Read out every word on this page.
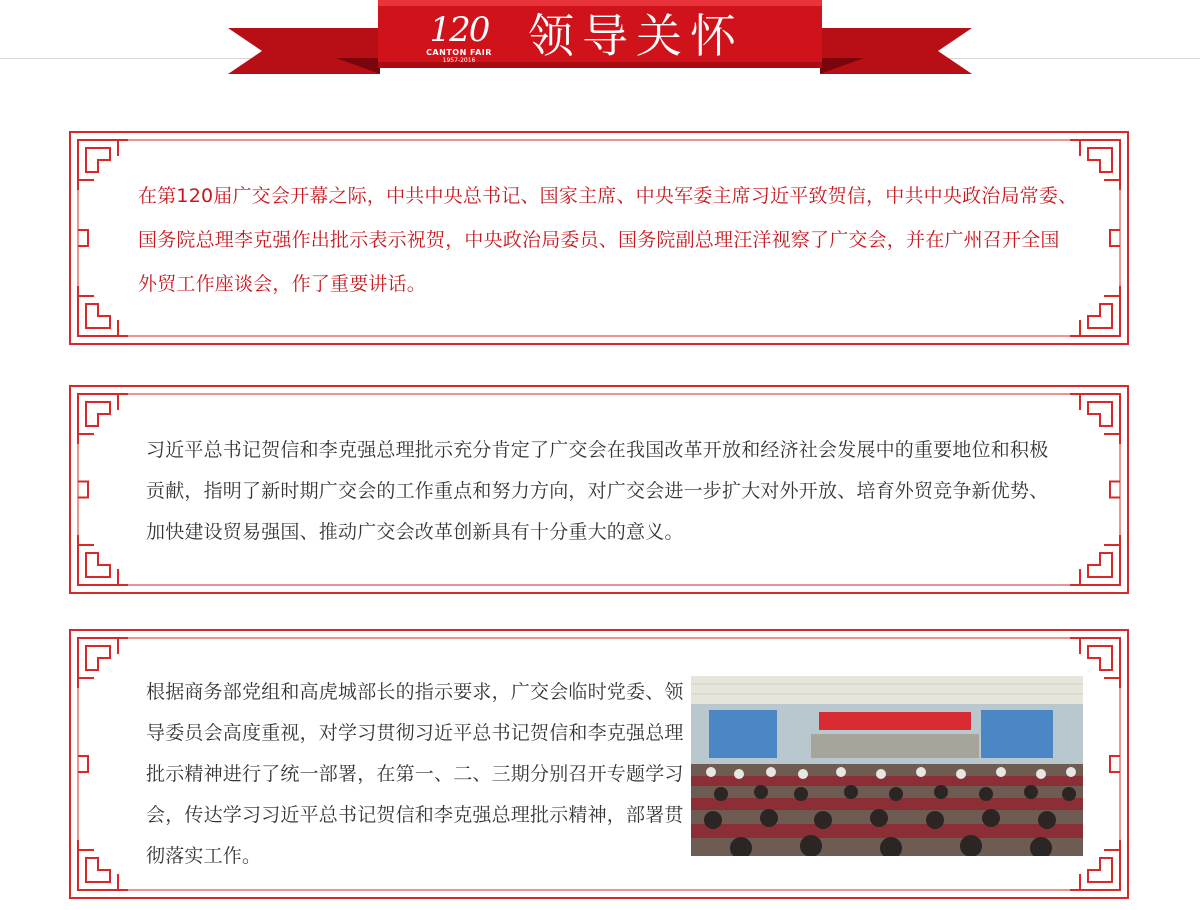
120
CANTON FAIR
1957-2016	领导关怀
在第120届广交会开幕之际，中共中央总书记、国家主席、中央军委主席习近平致贺信，中共中央政治局常委、国务院总理李克强作出批示表示祝贺，中央政治局委员、国务院副总理汪洋视察了广交会，并在广州召开全国外贸工作座谈会，作了重要讲话。
习近平总书记贺信和李克强总理批示充分肯定了广交会在我国改革开放和经济社会发展中的重要地位和积极贡献，指明了新时期广交会的工作重点和努力方向，对广交会进一步扩大对外开放、培育外贸竞争新优势、加快建设贸易强国、推动广交会改革创新具有十分重大的意义。
根据商务部党组和高虎城部长的指示要求，广交会临时党委、领导委员会高度重视，对学习贯彻习近平总书记贺信和李克强总理批示精神进行了统一部署，在第一、二、三期分别召开专题学习会，传达学习习近平总书记贺信和李克强总理批示精神，部署贯彻落实工作。
